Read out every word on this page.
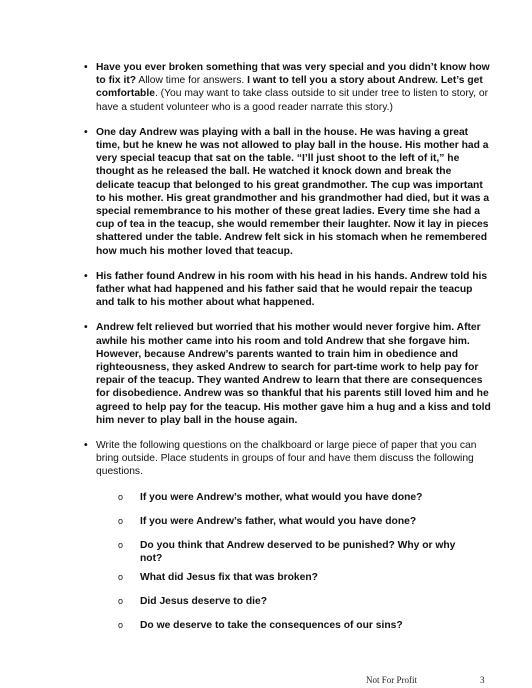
• Have you ever broken something that was very special and you didn’t know how to fix it? Allow time for answers. I want to tell you a story about Andrew. Let’s get comfortable. (You may want to take class outside to sit under tree to listen to story, or have a student volunteer who is a good reader narrate this story.)
• One day Andrew was playing with a ball in the house. He was having a great time, but he knew he was not allowed to play ball in the house. His mother had a very special teacup that sat on the table. “I’ll just shoot to the left of it,” he thought as he released the ball. He watched it knock down and break the delicate teacup that belonged to his great grandmother. The cup was important to his mother. His great grandmother and his grandmother had died, but it was a special remembrance to his mother of these great ladies. Every time she had a cup of tea in the teacup, she would remember their laughter. Now it lay in pieces shattered under the table. Andrew felt sick in his stomach when he remembered how much his mother loved that teacup.
• His father found Andrew in his room with his head in his hands. Andrew told his father what had happened and his father said that he would repair the teacup and talk to his mother about what happened.
• Andrew felt relieved but worried that his mother would never forgive him. After awhile his mother came into his room and told Andrew that she forgave him. However, because Andrew’s parents wanted to train him in obedience and righteousness, they asked Andrew to search for part-time work to help pay for repair of the teacup. They wanted Andrew to learn that there are consequences for disobedience. Andrew was so thankful that his parents still loved him and he agreed to help pay for the teacup. His mother gave him a hug and a kiss and told him never to play ball in the house again.
• Write the following questions on the chalkboard or large piece of paper that you can bring outside. Place students in groups of four and have them discuss the following questions.
o If you were Andrew’s mother, what would you have done?
o If you were Andrew’s father, what would you have done?
o Do you think that Andrew deserved to be punished? Why or why not?
o What did Jesus fix that was broken?
o Did Jesus deserve to die?
o Do we deserve to take the consequences of our sins?
Not For Profit	3
